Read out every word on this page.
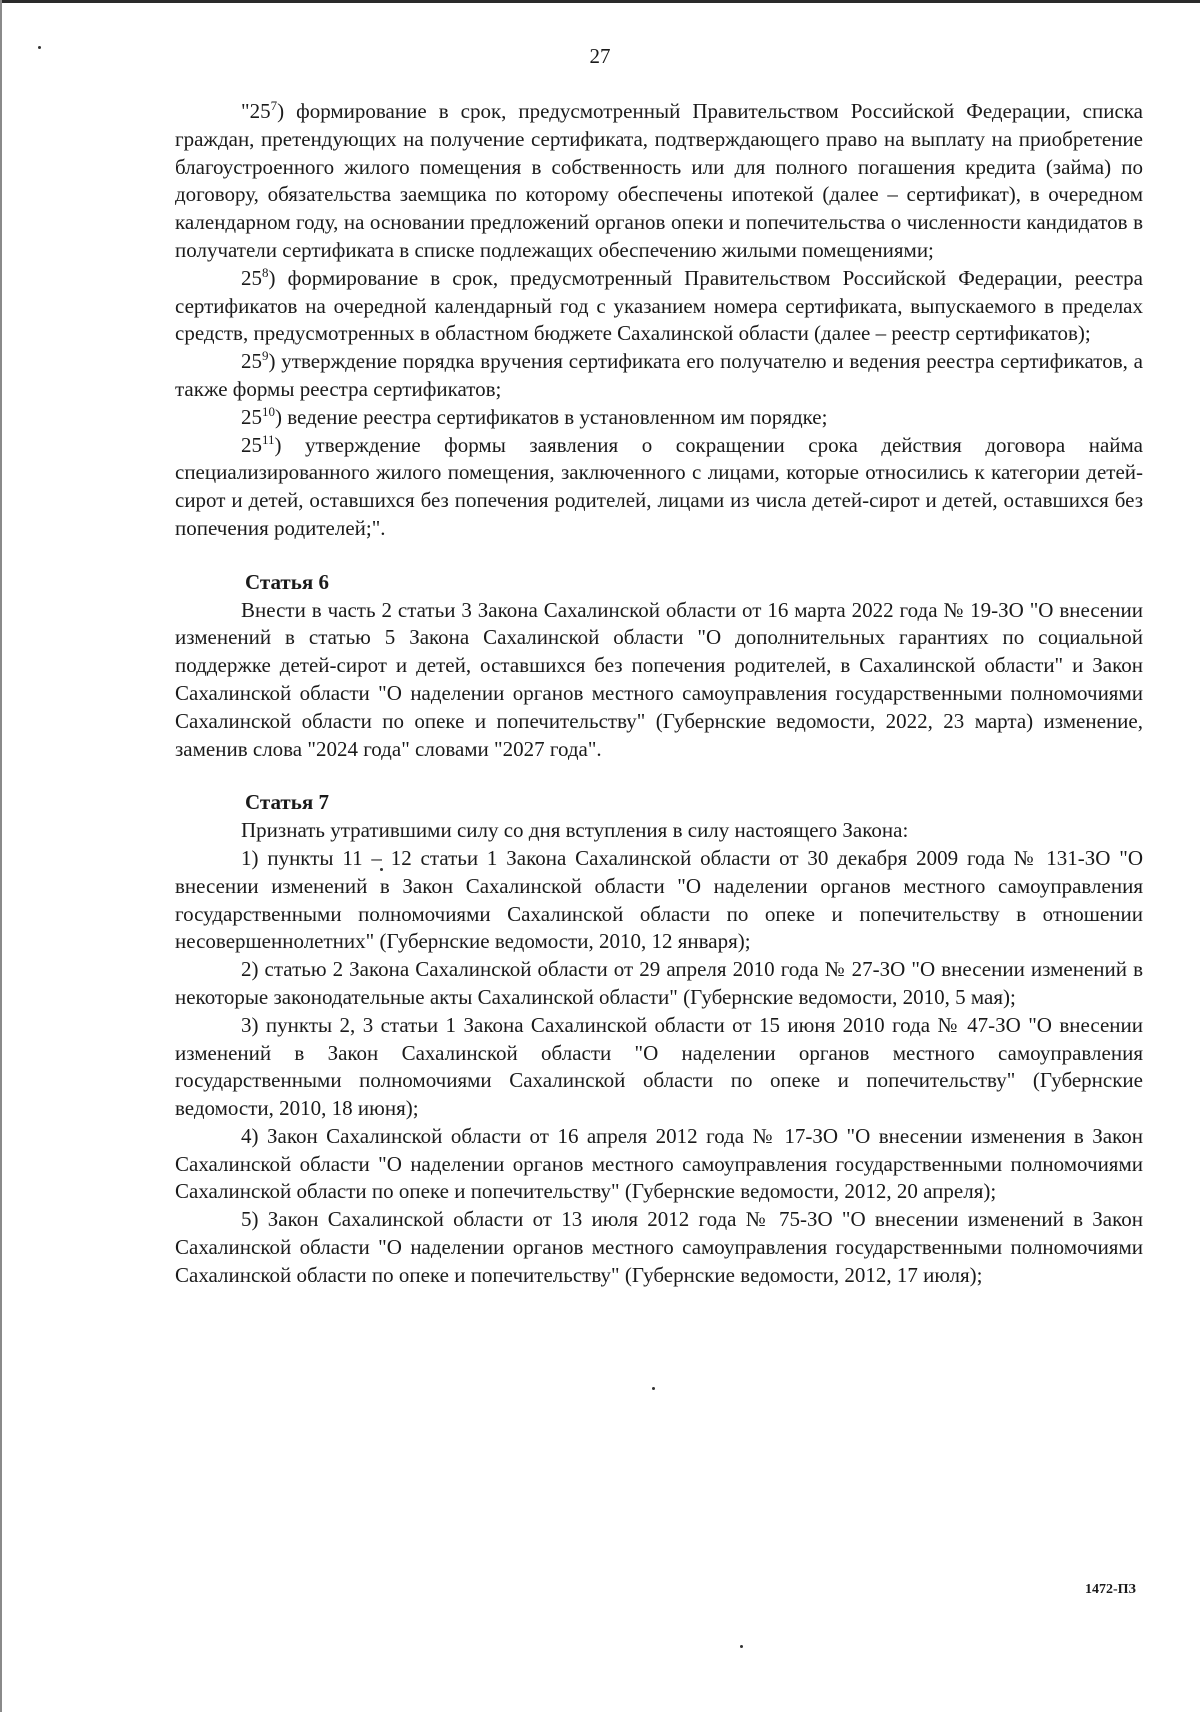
27

"$25^7$) формирование в срок, предусмотренный Правительством Российской Федерации, списка граждан, претендующих на получение сертификата, подтверждающего право на выплату на приобретение благоустроенного жилого помещения в собственность или для полного погашения кредита (займа) по договору, обязательства заемщика по которому обеспечены ипотекой (далее – сертификат), в очередном календарном году, на основании предложений органов опеки и попечительства о численности кандидатов в получатели сертификата в списке подлежащих обеспечению жилыми помещениями;

$25^8$) формирование в срок, предусмотренный Правительством Российской Федерации, реестра сертификатов на очередной календарный год с указанием номера сертификата, выпускаемого в пределах средств, предусмотренных в областном бюджете Сахалинской области (далее – реестр сертификатов);

$25^9$) утверждение порядка вручения сертификата его получателю и ведения реестра сертификатов, а также формы реестра сертификатов;

$25^{10}$) ведение реестра сертификатов в установленном им порядке;

$25^{11}$) утверждение формы заявления о сокращении срока действия договора найма специализированного жилого помещения, заключенного с лицами, которые относились к категории детей-сирот и детей, оставшихся без попечения родителей, лицами из числа детей-сирот и детей, оставшихся без попечения родителей;".

Статья 6

Внести в часть 2 статьи 3 Закона Сахалинской области от 16 марта 2022 года № 19-ЗО "О внесении изменений в статью 5 Закона Сахалинской области "О дополнительных гарантиях по социальной поддержке детей-сирот и детей, оставшихся без попечения родителей, в Сахалинской области" и Закон Сахалинской области "О наделении органов местного самоуправления государственными полномочиями Сахалинской области по опеке и попечительству" (Губернские ведомости, 2022, 23 марта) изменение, заменив слова "2024 года" словами "2027 года".

Статья 7

Признать утратившими силу со дня вступления в силу настоящего Закона:

1) пункты 11 – 12 статьи 1 Закона Сахалинской области от 30 декабря 2009 года № 131-ЗО "О внесении изменений в Закон Сахалинской области "О наделении органов местного самоуправления государственными полномочиями Сахалинской области по опеке и попечительству в отношении несовершеннолетних" (Губернские ведомости, 2010, 12 января);

2) статью 2 Закона Сахалинской области от 29 апреля 2010 года № 27-ЗО "О внесении изменений в некоторые законодательные акты Сахалинской области" (Губернские ведомости, 2010, 5 мая);

3) пункты 2, 3 статьи 1 Закона Сахалинской области от 15 июня 2010 года № 47-ЗО "О внесении изменений в Закон Сахалинской области "О наделении органов местного самоуправления государственными полномочиями Сахалинской области по опеке и попечительству" (Губернские ведомости, 2010, 18 июня);

4) Закон Сахалинской области от 16 апреля 2012 года № 17-ЗО "О внесении изменения в Закон Сахалинской области "О наделении органов местного самоуправления государственными полномочиями Сахалинской области по опеке и попечительству" (Губернские ведомости, 2012, 20 апреля);

5) Закон Сахалинской области от 13 июля 2012 года № 75-ЗО "О внесении изменений в Закон Сахалинской области "О наделении органов местного самоуправления государственными полномочиями Сахалинской области по опеке и попечительству" (Губернские ведомости, 2012, 17 июля);

1472-ПЗ
